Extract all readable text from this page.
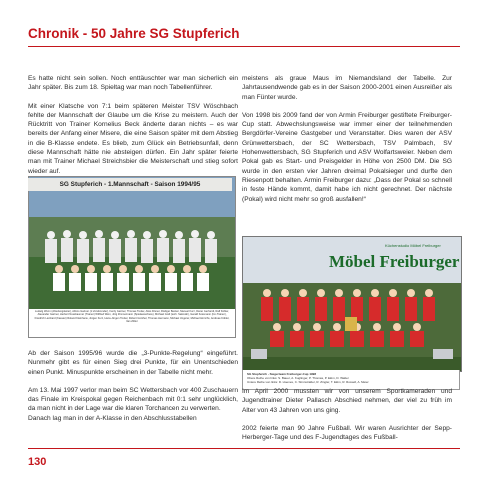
Chronik - 50 Jahre SG Stupferich

Es hatte nicht sein sollen. Noch enttäuschter war man sicherlich ein Jahr später. Bis zum 18. Spieltag war man noch Tabellenführer.

Mit einer Klatsche von 7:1 beim späteren Meister TSV Wöschbach fehlte der Mannschaft der Glaube um die Krise zu meistern. Auch der Rücktritt von Trainer Kornelius Beck änderte daran nichts – es war bereits der Anfang einer Misere, die eine Saison später mit dem Abstieg in die B-Klasse endete. Es blieb, zum Glück ein Betriebsunfall, denn diese Mannschaft hätte nie absteigen dürfen. Ein Jahr später feierte man mit Trainer Michael Streichsbier die Meisterschaft und stieg sofort wieder auf.

Ludwig Wurm (Abteilungsleiter), Alfons Gartner (1.Vorsitzender), Ferdy Gartner, Thomas Tretter, Alois Filsner, Rüdiger Becker, Manuel Kurz, Dieter Gerhardt, Ralf Kübler, Alexander Gartner, Herbert Nussbaumer (Trainer) Wilfried Wein, Jörg Zimmermann (Spielausschuss), Michael Grell (tech. Sekretär), Gerald Kossmann (Co-Trainer), Friedrich Lienhard (Kassier) Roland Kleinhans, Jürgen Kurz, Hans-Jürgen Tretter, Robert Günther, Thomas Hermann, Michael Ungerer, Michael Hinrichs, Andreas Kübler, Ilan Zöller
SG Stupferich - 1.Mannschaft - Saison 1994/95

Ab der Saison 1995/96 wurde die „3-Punkte-Regelung“ eingeführt. Nunmehr gibt es für einen Sieg drei Punkte, für ein Unentschieden einen Punkt. Minuspunkte erscheinen in der Tabelle nicht mehr.

Am 13. Mai 1997 verlor man beim SC Wettersbach vor 400 Zuschauern das Finale im Kreispokal gegen Reichenbach mit 0:1 sehr unglücklich, da man nicht in der Lage war die klaren Torchancen zu verwerten.

Danach lag man in der A-Klasse in den Abschlusstabellen

meistens als graue Maus im Niemandsland der Tabelle. Zur Jahrtausendwende gab es in der Saison 2000-2001 einen Ausreißer als man Fünter wurde.

Von 1998 bis 2009 fand der von Armin Freiburger gestiftete Freiburger-Cup statt. Abwechslungsweise war immer einer der teilnehmenden Bergdörfer-Vereine Gastgeber und Veranstalter. Dies waren der ASV Grünwettersbach, der SC Wettersbach, TSV Palmbach, SV Hohenwettersbach, SG Stupferich und ASV Wolfartsweier. Neben dem Pokal gab es Start- und Preisgelder in Höhe von 2500 DM. Die SG wurde in den ersten vier Jahren dreimal Pokalsieger und durfte den Riesenpott behalten. Armin Freiburger dazu: „Dass der Pokal so schnell in feste Hände kommt, damit habe ich nicht gerechnet. Der nächste (Pokal) wird nicht mehr so groß ausfallen!“

Möbel Freiburger
Küchenstudio Möbel Freiburger
SG Stupferich - Siegerteam Freiburger-Cup 1998
Obere Reihe von links: S. Bauer, A. Kuglinger, P. Thomas, P. Ekim, D. Walter
Untere Reihe von links: D. Hoenes, C. Stinnstraßer, R. Zingler, T. Ekim, R. Rossell, A. Meier

Im April 2000 mussten wir von unserem Sportkameraden und Jugendtrainer Dieter Pallasch Abschied nehmen, der viel zu früh im Alter von 43 Jahren von uns ging.

2002 feierte man 90 Jahre Fußball. Wir waren Ausrichter der Sepp-Herberger-Tage und des F-Jugendtages des Fußball-

130
